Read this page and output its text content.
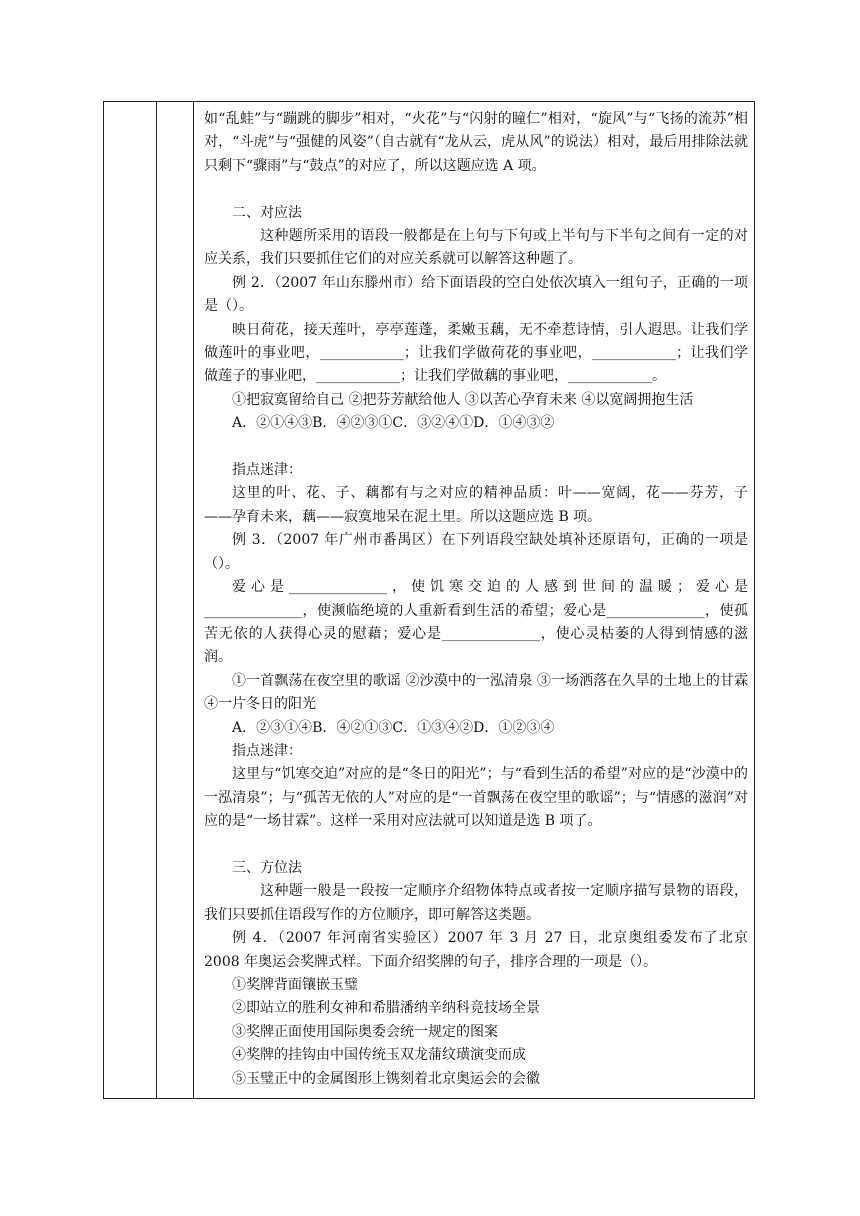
如“乱蛙”与“蹦跳的脚步”相对，“火花”与“闪射的瞳仁”相对，“旋风”与“飞扬的流苏”相对，“斗虎”与“强健的风姿”（自古就有“龙从云，虎从风”的说法）相对，最后用排除法就只剩下“骤雨”与“鼓点”的对应了，所以这题应选 A 项。

二、对应法

这种题所采用的语段一般都是在上句与下句或上半句与下半句之间有一定的对应关系，我们只要抓住它们的对应关系就可以解答这种题了。

例 2．（2007 年山东滕州市）给下面语段的空白处依次填入一组句子，正确的一项是（）。

映日荷花，接天莲叶，亭亭莲蓬，柔嫩玉藕，无不牵惹诗情，引人遐思。让我们学做莲叶的事业吧，____________；让我们学做荷花的事业吧，____________；让我们学做莲子的事业吧，____________；让我们学做藕的事业吧，____________。

①把寂寞留给自己 ②把芬芳献给他人 ③以苦心孕育未来 ④以宽阔拥抱生活

A．②①④③B．④②③①C．③②④①D．①④③②

指点迷津：

这里的叶、花、子、藕都有与之对应的精神品质：叶——宽阔，花——芬芳，子——孕育未来，藕——寂寞地呆在泥土里。所以这题应选 B 项。

例 3．（2007 年广州市番禺区）在下列语段空缺处填补还原语句，正确的一项是（）。

爱心是______________，使饥寒交迫的人感到世间的温暖；爱心是______________，使濒临绝境的人重新看到生活的希望；爱心是______________，使孤苦无依的人获得心灵的慰藉；爱心是______________，使心灵枯萎的人得到情感的滋润。

①一首飘荡在夜空里的歌谣 ②沙漠中的一泓清泉 ③一场洒落在久旱的土地上的甘霖 ④一片冬日的阳光

A．②③①④B．④②①③C．①③④②D．①②③④

指点迷津：

这里与“饥寒交迫”对应的是“冬日的阳光”；与“看到生活的希望”对应的是“沙漠中的一泓清泉”；与“孤苦无依的人”对应的是“一首飘荡在夜空里的歌谣”；与“情感的滋润”对应的是“一场甘霖”。这样一采用对应法就可以知道是选 B 项了。

三、方位法

这种题一般是一段按一定顺序介绍物体特点或者按一定顺序描写景物的语段，我们只要抓住语段写作的方位顺序，即可解答这类题。

例 4．（2007 年河南省实验区）2007 年 3 月 27 日，北京奥组委发布了北京 2008 年奥运会奖牌式样。下面介绍奖牌的句子，排序合理的一项是（）。

①奖牌背面镶嵌玉璧

②即站立的胜利女神和希腊潘纳辛纳科竞技场全景

③奖牌正面使用国际奥委会统一规定的图案

④奖牌的挂钩由中国传统玉双龙蒲纹璜演变而成

⑤玉璧正中的金属图形上镌刻着北京奥运会的会徽
